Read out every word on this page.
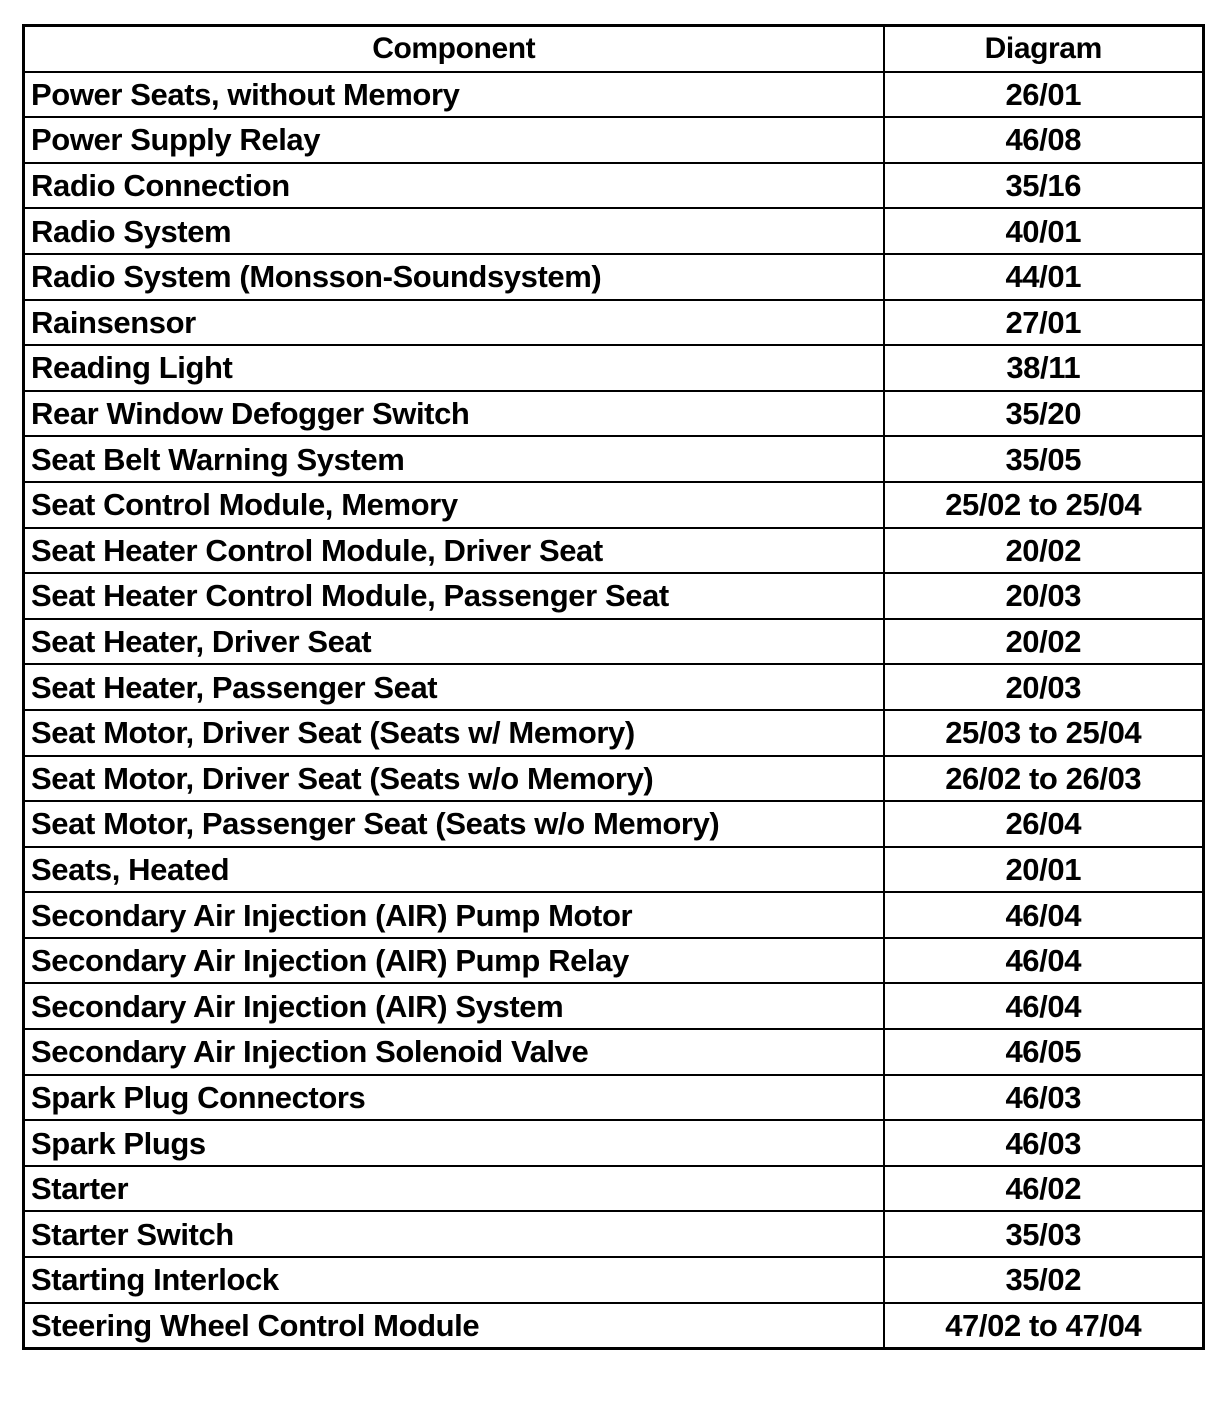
Component	Diagram
Power Seats, without Memory	26/01
Power Supply Relay	46/08
Radio Connection	35/16
Radio System	40/01
Radio System (Monsson-Soundsystem)	44/01
Rainsensor	27/01
Reading Light	38/11
Rear Window Defogger Switch	35/20
Seat Belt Warning System	35/05
Seat Control Module, Memory	25/02 to 25/04
Seat Heater Control Module, Driver Seat	20/02
Seat Heater Control Module, Passenger Seat	20/03
Seat Heater, Driver Seat	20/02
Seat Heater, Passenger Seat	20/03
Seat Motor, Driver Seat (Seats w/ Memory)	25/03 to 25/04
Seat Motor, Driver Seat (Seats w/o Memory)	26/02 to 26/03
Seat Motor, Passenger Seat (Seats w/o Memory)	26/04
Seats, Heated	20/01
Secondary Air Injection (AIR) Pump Motor	46/04
Secondary Air Injection (AIR) Pump Relay	46/04
Secondary Air Injection (AIR) System	46/04
Secondary Air Injection Solenoid Valve	46/05
Spark Plug Connectors	46/03
Spark Plugs	46/03
Starter	46/02
Starter Switch	35/03
Starting Interlock	35/02
Steering Wheel Control Module	47/02 to 47/04
